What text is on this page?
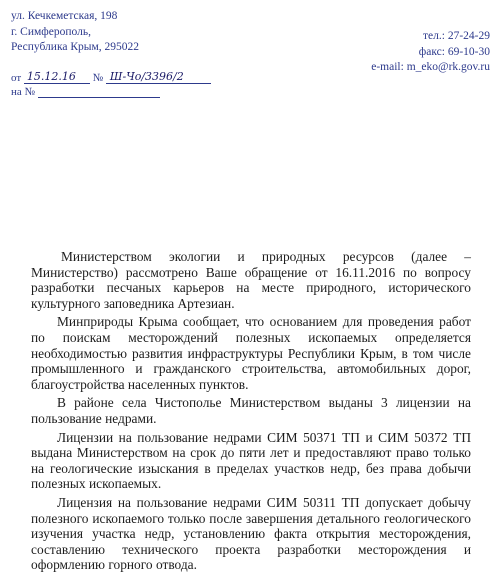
ул. Кечкеметская, 198
г. Симферополь,
Республика Крым, 295022
тел.: 27-24-29
факс: 69-10-30
e-mail: m_eko@rk.gov.ru
от 15.12.16 № Ш-Чо/3396/2
на №

Министерством экологии и природных ресурсов (далее – Министерство) рассмотрено Ваше обращение от 16.11.2016 по вопросу разработки песчаных карьеров на месте природного, исторического культурного заповедника Артезиан.

Минприроды Крыма сообщает, что основанием для проведения работ по поискам месторождений полезных ископаемых определяется необходимостью развития инфраструктуры Республики Крым, в том числе промышленного и гражданского строительства, автомобильных дорог, благоустройства населенных пунктов.

В районе села Чистополье Министерством выданы 3 лицензии на пользование недрами.

Лицензии на пользование недрами СИМ 50371 ТП и СИМ 50372 ТП выдана Министерством на срок до пяти лет и предоставляют право только на геологические изыскания в пределах участков недр, без права добычи полезных ископаемых.

Лицензия на пользование недрами СИМ 50311 ТП допускает добычу полезного ископаемого только после завершения детального геологического изучения участка недр, установлению факта открытия месторождения, составлению технического проекта разработки месторождения и оформлению горного отвода.
